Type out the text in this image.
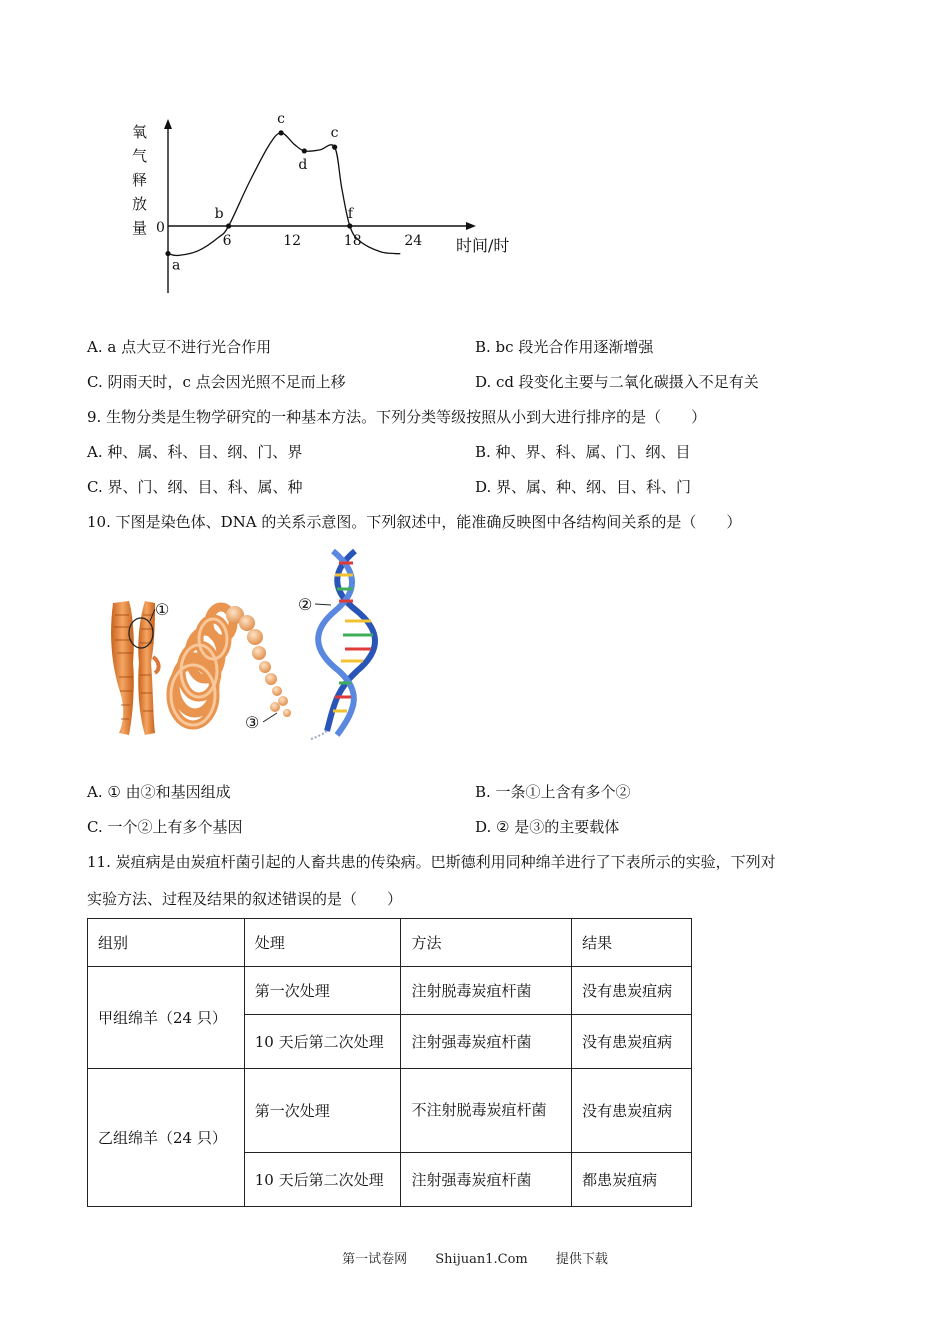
氧气释放量 0
时间/时
6	12	18	24
a
b
c
d
c
f
A. a 点大豆不进行光合作用	B. bc 段光合作用逐渐增强
C. 阴雨天时，c 点会因光照不足而上移	D. cd 段变化主要与二氧化碳摄入不足有关
9. 生物分类是生物学研究的一种基本方法。下列分类等级按照从小到大进行排序的是（　　）
A. 种、属、科、目、纲、门、界	B. 种、界、科、属、门、纲、目
C. 界、门、纲、目、科、属、种	D. 界、属、种、纲、目、科、门
10. 下图是染色体、DNA 的关系示意图。下列叙述中，能准确反映图中各结构间关系的是（　　）
①
③
②
A. ① 由②和基因组成	B. 一条①上含有多个②
C. 一个②上有多个基因	D. ② 是③的主要载体
11. 炭疽病是由炭疽杆菌引起的人畜共患的传染病。巴斯德利用同种绵羊进行了下表所示的实验，下列对
实验方法、过程及结果的叙述错误的是（　　）
组别	处理	方法	结果
甲组绵羊（24 只）	第一次处理	注射脱毒炭疽杆菌	没有患炭疽病
	10 天后第二次处理	注射强毒炭疽杆菌	没有患炭疽病
乙组绵羊（24 只）	第一次处理	不注射脱毒炭疽杆菌	没有患炭疽病
	10 天后第二次处理	注射强毒炭疽杆菌	都患炭疽病
第一试卷网 Shijuan1.Com 提供下载
